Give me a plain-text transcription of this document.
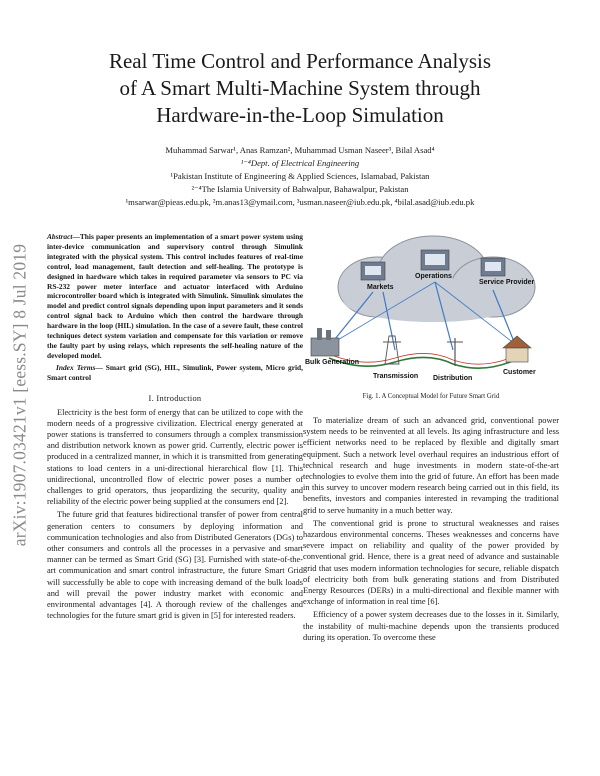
arXiv:1907.03421v1 [eess.SY] 8 Jul 2019
Real Time Control and Performance Analysis
of A Smart Multi-Machine System through
Hardware-in-the-Loop Simulation
Muhammad Sarwar¹, Anas Ramzan², Muhammad Usman Naseer³, Bilal Asad⁴
¹⁻⁴Dept. of Electrical Engineering
¹Pakistan Institute of Engineering & Applied Sciences, Islamabad, Pakistan
²⁻⁴The Islamia University of Bahwalpur, Bahawalpur, Pakistan
¹msarwar@pieas.edu.pk, ²m.anas13@ymail.com, ³usman.naseer@iub.edu.pk, ⁴bilal.asad@iub.edu.pk

Abstract—This paper presents an implementation of a smart power system using inter-device communication and supervisory control through Simulink integrated with the physical system. This control includes features of real-time control, load management, fault detection and self-healing. The prototype is designed in hardware which takes in required parameter via sensors to PC via RS-232 power meter interface and actuator interfaced with Arduino microcontroller board which is integrated with Simulink. Simulink simulates the model and predict control signals depending upon input parameters and it sends control signal back to Arduino which then control the hardware through hardware in the loop (HIL) simulation. In the case of a severe fault, these control techniques detect system variation and compensate for this variation or remove the faulty part by using relays, which represents the self-healing nature of the developed model.

Index Terms— Smart grid (SG), HIL, Simulink, Power system, Micro grid, Smart control

I. Introduction

Electricity is the best form of energy that can be utilized to cope with the modern needs of a progressive civilization. Electrical energy generated at power stations is transferred to consumers through a complex transmission and distribution network known as power grid. Currently, electric power is produced in a centralized manner, in which it is transmitted from generating stations to load centers in a uni-directional hierarchical flow [1]. This unidirectional, uncontrolled flow of electric power poses a number of challenges to grid operators, thus jeopardizing the security, quality and reliability of the electric power being supplied at the consumers end [2].

The future grid that features bidirectional transfer of power from central generation centers to consumers by deploying information and communication technologies and also from Distributed Generators (DGs) to other consumers and controls all the processes in a pervasive and smart manner can be termed as Smart Grid (SG) [3]. Furnished with state-of-the-art communication and smart control infrastructure, the future Smart Grid will successfully be able to cope with increasing demand of the bulk loads and will prevail the power industry market with economic and environmental advantages [4]. A thorough review of the challenges and technologies for the future smart grid is given in [5] for interested readers.

Markets
Operations
Service Provider
Bulk Generation
Transmission Distribution
Customer
Fig. 1. A Conceptual Model for Future Smart Grid

To materialize dream of such an advanced grid, conventional power system needs to be reinvented at all levels. Its aging infrastructure and less efficient networks need to be replaced by flexible and digitally smart equipment. Such a network level overhaul requires an industrious effort of technical research and huge investments in modern state-of-the-art technologies to evolve them into the grid of future. An effort has been made in this survey to uncover modern research being carried out in this field, its benefits, investors and companies interested in revamping the traditional grid to serve humanity in a much better way.

The conventional grid is prone to structural weaknesses and raises hazardous environmental concerns. Theses weaknesses and concerns have severe impact on reliability and quality of the power provided by conventional grid. Hence, there is a great need of advance and sustainable grid that uses modern information technologies for secure, reliable dispatch of electricity both from bulk generating stations and from Distributed Energy Resources (DERs) in a multi-directional and flexible manner with exchange of information in real time [6].

Efficiency of a power system decreases due to the losses in it. Similarly, the instability of multi-machine depends upon the transients produced during its operation. To overcome these
